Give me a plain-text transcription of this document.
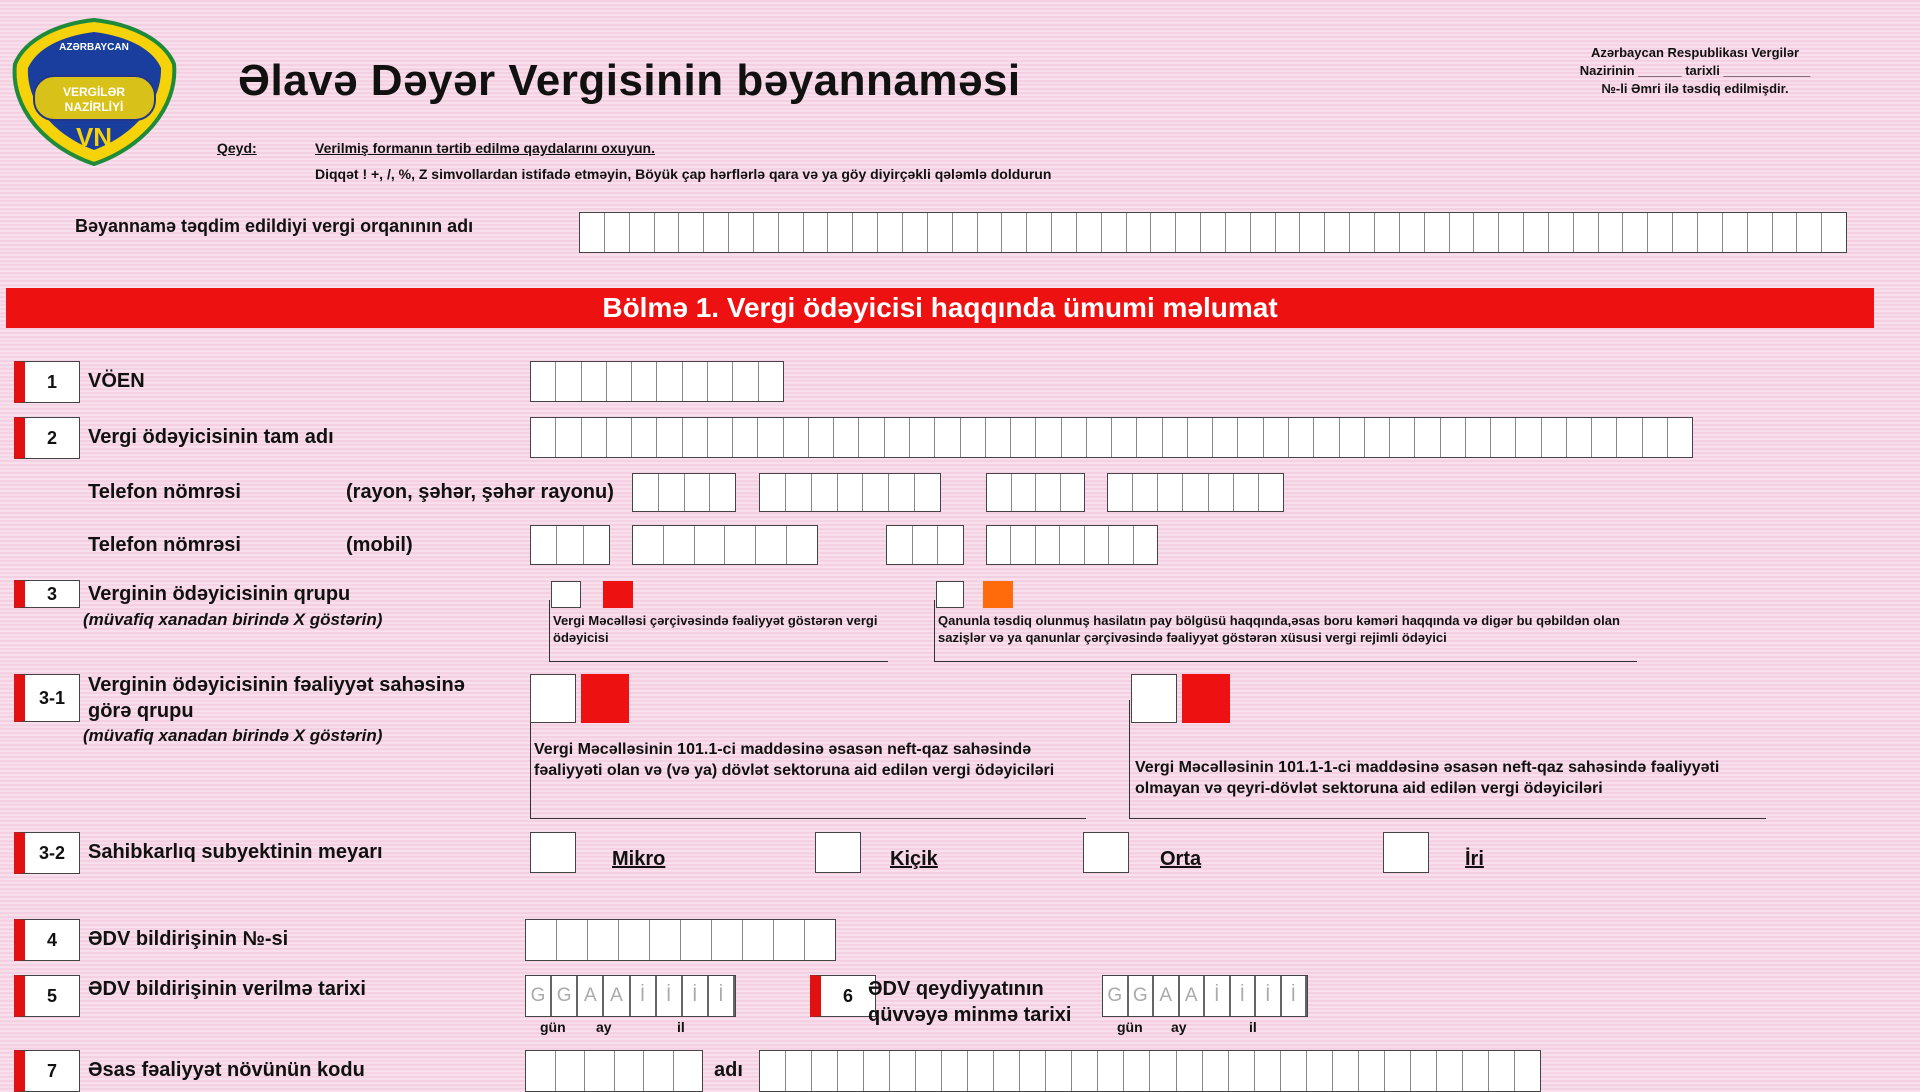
AZƏRBAYCAN
VERGİLƏR
NAZİRLİYİ
VN
Əlavə Dəyər Vergisinin bəyannaməsi
Azərbaycan Respublikası Vergilər
Nazirinin ______ tarixli ____________
№-li Əmri ilə təsdiq edilmişdir.
Qeyd:	Verilmiş formanın tərtib edilmə qaydalarını oxuyun.
Diqqət ! +, /, %, Z simvollardan istifadə etməyin, Böyük çap hərflərlə qara və ya göy diyirçəkli qələmlə doldurun
Bəyannamə təqdim edildiyi vergi orqanının adı
Bölmə 1. Vergi ödəyicisi haqqında ümumi məlumat
1	VÖEN
2	Vergi ödəyicisinin tam adı
Telefon nömrəsi	(rayon, şəhər, şəhər rayonu)
Telefon nömrəsi	(mobil)
3	Verginin ödəyicisinin qrupu
(müvafiq xanadan birində X göstərin)	Vergi Məcəlləsi çərçivəsində fəaliyyət göstərən vergi ödəyicisi
Qanunla təsdiq olunmuş hasilatın pay bölgüsü haqqında,əsas boru kəməri haqqında və digər bu qəbildən olan sazişlər və ya qanunlar çərçivəsində fəaliyyət göstərən xüsusi vergi rejimli ödəyici
3-1
Verginin ödəyicisinin fəaliyyət sahəsinə
görə qrupu
(müvafiq xanadan birində X göstərin)
Vergi Məcəlləsinin 101.1-ci maddəsinə əsasən neft-qaz sahəsində fəaliyyəti olan və (və ya) dövlət sektoruna aid edilən vergi ödəyiciləri	Vergi Məcəlləsinin 101.1-1-ci maddəsinə əsasən neft-qaz sahəsində fəaliyyəti olmayan və qeyri-dövlət sektoruna aid edilən vergi ödəyiciləri
3-2	Sahibkarlıq subyektinin meyarı	Mikro	Kiçik	Orta	İri
4	ƏDV bildirişinin №-si
5	ƏDV bildirişinin verilmə tarixi	G G A A İ	İ	İ	İ
gün ay	il
6 ƏDV qeydiyyatının
qüvvəyə minmə tarixi
G G A A İ	İ	İ	İ
gün ay	il
7	Əsas fəaliyyət növünün kodu	adı
